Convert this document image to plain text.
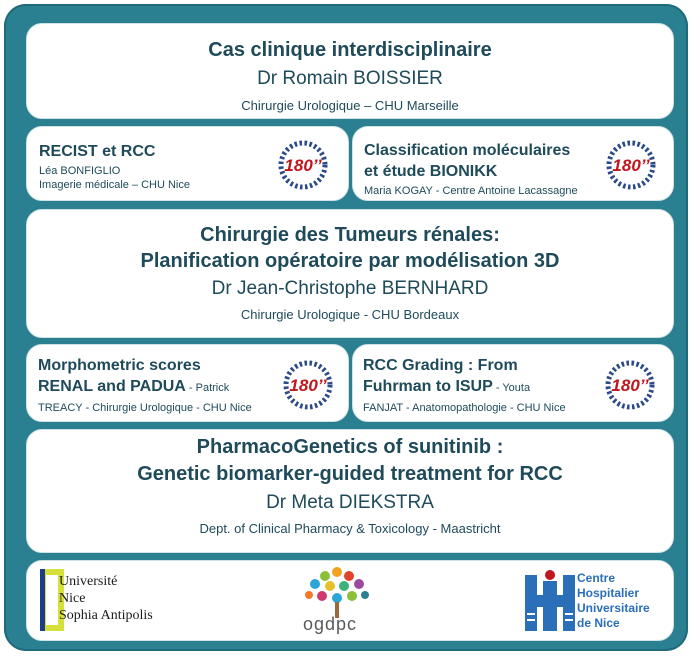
Cas clinique interdisciplinaire
Dr Romain BOISSIER
Chirurgie Urologique – CHU Marseille
RECIST et RCC
Léa BONFIGLIO
Imagerie médicale – CHU Nice
180’’
Classification moléculaires
et étude BIONIKK
Maria KOGAY - Centre Antoine Lacassagne
180’’
Chirurgie des Tumeurs rénales:
Planification opératoire par modélisation 3D
Dr Jean-Christophe BERNHARD
Chirurgie Urologique - CHU Bordeaux
Morphometric scores
RENAL and PADUA - Patrick
TREACY - Chirurgie Urologique - CHU Nice
180’’
RCC Grading : From
Fuhrman to ISUP - Youta
FANJAT - Anatomopathologie - CHU Nice
180’’
PharmacoGenetics of sunitinib :
Genetic biomarker-guided treatment for RCC
Dr Meta DIEKSTRA
Dept. of Clinical Pharmacy & Toxicology - Maastricht
Université
Nice
Sophia Antipolis	ogdpc
Centre
Hospitalier
Universitaire
de Nice
